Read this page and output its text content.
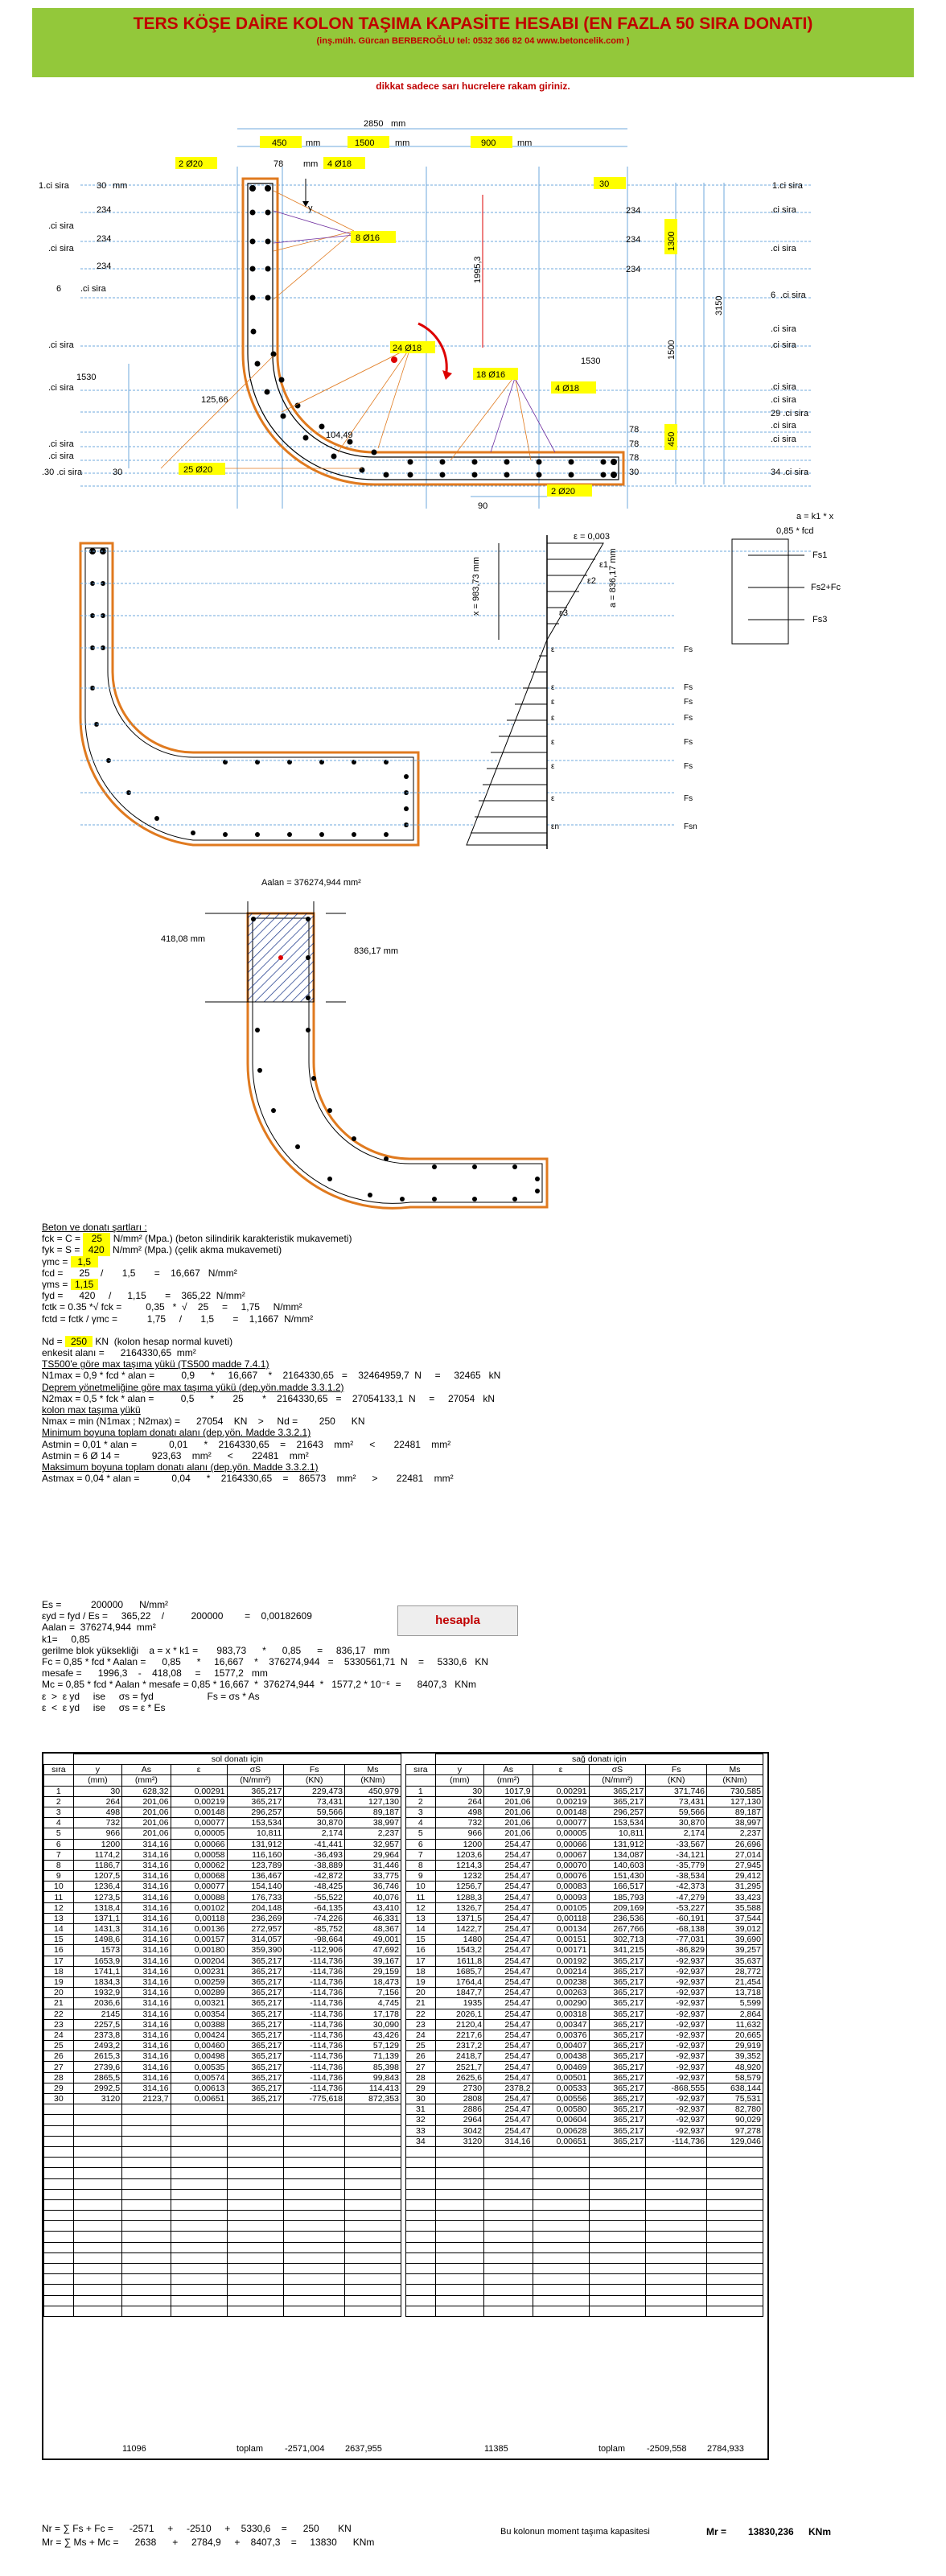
TERS KÖŞE DAİRE KOLON TAŞIMA KAPASİTE HESABI (EN FAZLA 50 SIRA DONATI)
(inş.müh. Gürcan BERBEROĞLU tel: 0532 366 82 04 www.betoncelik.com )
dikkat sadece sarı hucrelere rakam giriniz.
y
2850 mm
450 mm	1500 mm	900 mm
2 Ø20	78 mm 4 Ø18
8 Ø16
24 Ø18
18 Ø16
4 Ø18
25 Ø20
2 Ø20
1995,3
1300
3150
1500
450
125,66
104,49
1530
1530
90
1.ci sira	30 mm
.ci sira
234
234
234
.ci sira
6 .ci sira
.ci sira
.ci sira
.ci sira
.ci sira
.30 .ci sira	30
30
234
234
234
1.ci sira
.ci sira
.ci sira
6 .ci sira
.ci sira
.ci sira
.ci sira
.ci sira
29 .ci sira
.ci sira
.ci sira
34 .ci sira
78
78
78
30
a = k1 * x
ε = 0,003
x = 983,73 mm	a = 836,17 mm
ε1
ε2
ε3
0,85 * fcd
Fs1
Fs2+Fc
Fs3
ε
ε
ε
ε
ε
ε
ε
εn
Fs
Fs
Fs
Fs
Fs
Fs
Fs
Fsn
Aalan = 376274,944 mm²
418,08 mm
836,17 mm
Beton ve donatı şartları :
fck = C = 25 N/mm² (Mpa.) (beton silindirik karakteristik mukavemeti)
fyk = S = 420 N/mm² (Mpa.) (çelik akma mukavemeti)
γmc = 1,5
fcd =      25    /       1,5       =    16,667   N/mm²
γms = 1,15
fyd =      420     /      1,15       =    365,22  N/mm²
fctk = 0.35 *√ fck =         0,35   *  √    25     =     1,75     N/mm²
fctd = fctk / γmc =           1,75     /       1,5       =    1,1667  N/mm²
Nd = 250 KN  (kolon hesap normal kuveti)
enkesit alanı =      2164330,65  mm²
TS500'e göre max taşıma yükü (TS500 madde 7.4.1)
N1max = 0,9 * fcd * alan =          0,9      *     16,667    *    2164330,65   =    32464959,7  N     =     32465   kN
Deprem yönetmeliğine göre max taşıma yükü (dep.yön.madde 3.3.1.2)
N2max = 0,5 * fck * alan =          0,5      *       25       *    2164330,65   =    27054133,1  N     =     27054   kN
kolon max taşıma yükü
Nmax = min (N1max ; N2max) =      27054    KN    >     Nd =        250      KN
Minimum boyuna toplam donatı alanı (dep.yön. Madde 3.3.2.1)
Astmin = 0,01 * alan =            0,01      *    2164330,65    =    21643    mm²      <       22481    mm²
Astmin = 6 Ø 14 =            923,63    mm²      <       22481    mm²
Maksimum boyuna toplam donatı alanı (dep.yön. Madde 3.3.2.1)
Astmax = 0,04 * alan =            0,04      *    2164330,65    =    86573    mm²      >       22481    mm²
Es =           200000      N/mm²
εyd = fyd / Es =     365,22    /          200000        =    0,00182609
Aalan =  376274,944  mm²
k1=     0,85
gerilme blok yüksekliği    a = x * k1 =       983,73      *      0,85      =     836,17   mm
Fc = 0,85 * fcd * Aalan =      0,85      *     16,667    *    376274,944   =    5330561,71  N    =     5330,6   KN
mesafe =      1996,3    -    418,08     =     1577,2   mm
Mc = 0,85 * fcd * Aalan * mesafe = 0,85 * 16,667  *  376274,944  *   1577,2 * 10⁻⁶  =      8407,3   KNm
ε  >  ε yd     ise     σs = fyd                    Fs = σs * As
ε  <  ε yd     ise     σs = ε * Es
hesapla
	sol donatı için					
sıra	y	As	ε	σS	Fs	Ms
	(mm)	(mm²)		(N/mm²)	(KN)	(KNm)
1	30	628,32	0,00291	365,217	229,473	450,979
2	264	201,06	0,00219	365,217	73,431	127,130
3	498	201,06	0,00148	296,257	59,566	89,187
4	732	201,06	0,00077	153,534	30,870	38,997
5	966	201,06	0,00005	10,811	2,174	2,237
6	1200	314,16	0,00066	131,912	-41,441	32,957
7	1174,2	314,16	0,00058	116,160	-36,493	29,964
8	1186,7	314,16	0,00062	123,789	-38,889	31,446
9	1207,5	314,16	0,00068	136,467	-42,872	33,775
10	1236,4	314,16	0,00077	154,140	-48,425	36,746
11	1273,5	314,16	0,00088	176,733	-55,522	40,076
12	1318,4	314,16	0,00102	204,148	-64,135	43,410
13	1371,1	314,16	0,00118	236,269	-74,226	46,331
14	1431,3	314,16	0,00136	272,957	-85,752	48,367
15	1498,6	314,16	0,00157	314,057	-98,664	49,001
16	1573	314,16	0,00180	359,390	-112,906	47,692
17	1653,9	314,16	0,00204	365,217	-114,736	39,167
18	1741,1	314,16	0,00231	365,217	-114,736	29,159
19	1834,3	314,16	0,00259	365,217	-114,736	18,473
20	1932,9	314,16	0,00289	365,217	-114,736	7,156
21	2036,6	314,16	0,00321	365,217	-114,736	4,745
22	2145	314,16	0,00354	365,217	-114,736	17,178
23	2257,5	314,16	0,00388	365,217	-114,736	30,090
24	2373,8	314,16	0,00424	365,217	-114,736	43,426
25	2493,2	314,16	0,00460	365,217	-114,736	57,129
26	2615,3	314,16	0,00498	365,217	-114,736	71,139
27	2739,6	314,16	0,00535	365,217	-114,736	85,398
28	2865,5	314,16	0,00574	365,217	-114,736	99,843
29	2992,5	314,16	0,00613	365,217	-114,736	114,413
30	3120	2123,7	0,00651	365,217	-775,618	872,353

	sağ donatı için					
sıra	y	As	ε	σS	Fs	Ms
	(mm)	(mm²)		(N/mm²)	(KN)	(KNm)
1	30	1017,9	0,00291	365,217	371,746	730,585
2	264	201,06	0,00219	365,217	73,431	127,130
3	498	201,06	0,00148	296,257	59,566	89,187
4	732	201,06	0,00077	153,534	30,870	38,997
5	966	201,06	0,00005	10,811	2,174	2,237
6	1200	254,47	0,00066	131,912	-33,567	26,696
7	1203,6	254,47	0,00067	134,087	-34,121	27,014
8	1214,3	254,47	0,00070	140,603	-35,779	27,945
9	1232	254,47	0,00076	151,430	-38,534	29,412
10	1256,7	254,47	0,00083	166,517	-42,373	31,295
11	1288,3	254,47	0,00093	185,793	-47,279	33,423
12	1326,7	254,47	0,00105	209,169	-53,227	35,588
13	1371,5	254,47	0,00118	236,536	-60,191	37,544
14	1422,7	254,47	0,00134	267,766	-68,138	39,012
15	1480	254,47	0,00151	302,713	-77,031	39,690
16	1543,2	254,47	0,00171	341,215	-86,829	39,257
17	1611,8	254,47	0,00192	365,217	-92,937	35,637
18	1685,7	254,47	0,00214	365,217	-92,937	28,772
19	1764,4	254,47	0,00238	365,217	-92,937	21,454
20	1847,7	254,47	0,00263	365,217	-92,937	13,718
21	1935	254,47	0,00290	365,217	-92,937	5,599
22	2026,1	254,47	0,00318	365,217	-92,937	2,864
23	2120,4	254,47	0,00347	365,217	-92,937	11,632
24	2217,6	254,47	0,00376	365,217	-92,937	20,665
25	2317,2	254,47	0,00407	365,217	-92,937	29,919
26	2418,7	254,47	0,00438	365,217	-92,937	39,352
27	2521,7	254,47	0,00469	365,217	-92,937	48,920
28	2625,6	254,47	0,00501	365,217	-92,937	58,579
29	2730	2378,2	0,00533	365,217	-868,555	638,144
30	2808	254,47	0,00556	365,217	-92,937	75,531
31	2886	254,47	0,00580	365,217	-92,937	82,780
32	2964	254,47	0,00604	365,217	-92,937	90,029
33	3042	254,47	0,00628	365,217	-92,937	97,278
34	3120	314,16	0,00651	365,217	-114,736	129,046

11096	toplam -2571,004 2637,955	11385	toplam -2509,558 2784,933
Nr = ∑ Fs + Fc =      -2571     +     -2510     +    5330,6    =      250       KN
Mr = ∑ Ms + Mc =      2638      +     2784,9     +    8407,3    =     13830      KNm
Bu kolonun moment taşıma kapasitesi	Mr = 13830,236 KNm
